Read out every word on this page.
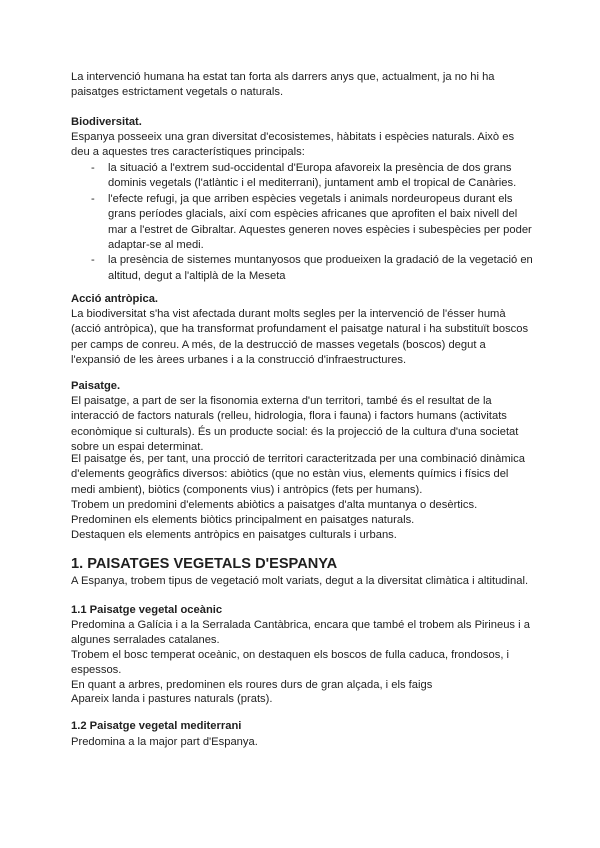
La intervenció humana ha estat tan forta als darrers anys que, actualment, ja no hi ha paisatges estrictament vegetals o naturals.

Biodiversitat.

Espanya posseeix una gran diversitat d'ecosistemes, hàbitats i espècies naturals. Això es deu a aquestes tres característiques principals:

- la situació a l'extrem sud-occidental d'Europa afavoreix la presència de dos grans dominis vegetals (l'atlàntic i el mediterrani), juntament amb el tropical de Canàries.
- l'efecte refugi, ja que arriben espècies vegetals i animals nordeuropeus durant els grans períodes glacials, així com espècies africanes que aprofiten el baix nivell del mar a l'estret de Gibraltar. Aquestes generen noves espècies i subespècies per poder adaptar-se al medi.
- la presència de sistemes muntanyosos que produeixen la gradació de la vegetació en altitud, degut a l'altiplà de la Meseta

Acció antròpica.

La biodiversitat s'ha vist afectada durant molts segles per la intervenció de l'ésser humà (acció antròpica), que ha transformat profundament el paisatge natural i ha substituït boscos per camps de conreu. A més, de la destrucció de masses vegetals (boscos) degut a l'expansió de les àrees urbanes i a la construcció d'infraestructures.

Paisatge.

El paisatge, a part de ser la fisonomia externa d'un territori, també és el resultat de la interacció de factors naturals (relleu, hidrologia, flora i fauna) i factors humans (activitats econòmique si culturals). És un producte social: és la projecció de la cultura d'una societat sobre un espai determinat.

El paisatge és, per tant, una procció de territori caracteritzada per una combinació dinàmica d'elements geogràfics diversos: abiòtics (que no estàn vius, elements químics i físics del medi ambient), biòtics (components vius) i antròpics (fets per humans).

Trobem un predomini d'elements abiòtics a paisatges d'alta muntanya o desèrtics.

Predominen els elements biòtics principalment en paisatges naturals.

Destaquen els elements antròpics en paisatges culturals i urbans.

1. PAISATGES VEGETALS D'ESPANYA

A Espanya, trobem tipus de vegetació molt variats, degut a la diversitat climàtica i altitudinal.

1.1 Paisatge vegetal oceànic

Predomina a Galícia i a la Serralada Cantàbrica, encara que també el trobem als Pirineus i a algunes serralades catalanes.

Trobem el bosc temperat oceànic, on destaquen els boscos de fulla caduca, frondosos, i espessos.

En quant a arbres, predominen els roures durs de gran alçada, i els faigs

Apareix landa i pastures naturals (prats).

1.2 Paisatge vegetal mediterrani

Predomina a la major part d'Espanya.
